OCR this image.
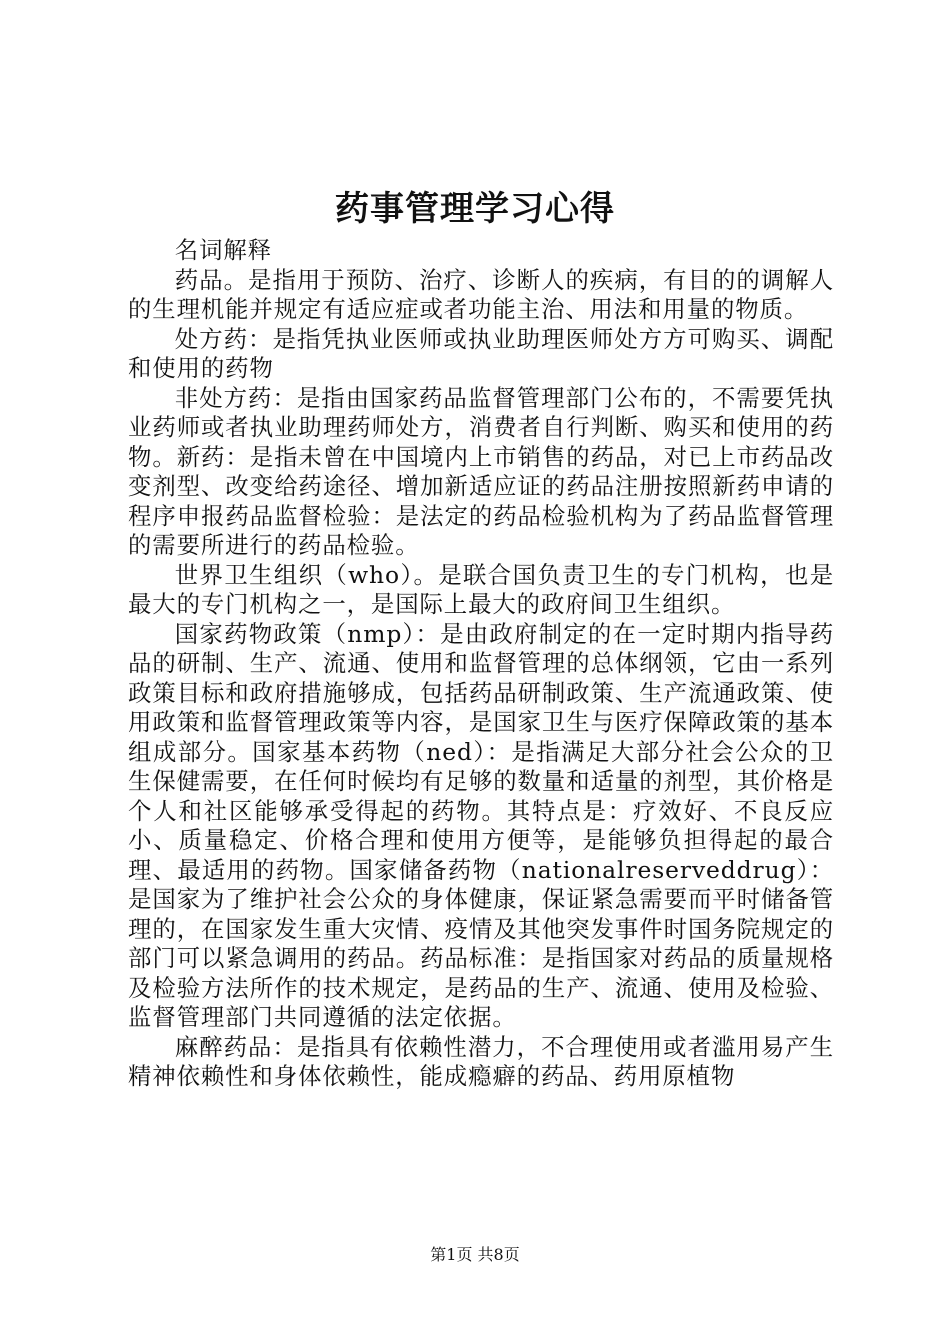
药事管理学习心得

名词解释

药品。是指用于预防、治疗、诊断人的疾病，有目的的调解人的生理机能并规定有适应症或者功能主治、用法和用量的物质。

处方药：是指凭执业医师或执业助理医师处方方可购买、调配和使用的药物

非处方药：是指由国家药品监督管理部门公布的，不需要凭执业药师或者执业助理药师处方，消费者自行判断、购买和使用的药物。新药：是指未曾在中国境内上市销售的药品，对已上市药品改变剂型、改变给药途径、增加新适应证的药品注册按照新药申请的程序申报药品监督检验：是法定的药品检验机构为了药品监督管理的需要所进行的药品检验。

世界卫生组织（who）。是联合国负责卫生的专门机构，也是最大的专门机构之一，是国际上最大的政府间卫生组织。

国家药物政策（nmp）：是由政府制定的在一定时期内指导药品的研制、生产、流通、使用和监督管理的总体纲领，它由一系列政策目标和政府措施够成，包括药品研制政策、生产流通政策、使用政策和监督管理政策等内容，是国家卫生与医疗保障政策的基本组成部分。国家基本药物（ned）：是指满足大部分社会公众的卫生保健需要，在任何时候均有足够的数量和适量的剂型，其价格是个人和社区能够承受得起的药物。其特点是：疗效好、不良反应小、质量稳定、价格合理和使用方便等，是能够负担得起的最合理、最适用的药物。国家储备药物（nationalreserveddrug）：是国家为了维护社会公众的身体健康，保证紧急需要而平时储备管理的，在国家发生重大灾情、疫情及其他突发事件时国务院规定的部门可以紧急调用的药品。药品标准：是指国家对药品的质量规格及检验方法所作的技术规定，是药品的生产、流通、使用及检验、监督管理部门共同遵循的法定依据。

麻醉药品：是指具有依赖性潜力，不合理使用或者滥用易产生精神依赖性和身体依赖性，能成瘾癖的药品、药用原植物

第1页 共8页
